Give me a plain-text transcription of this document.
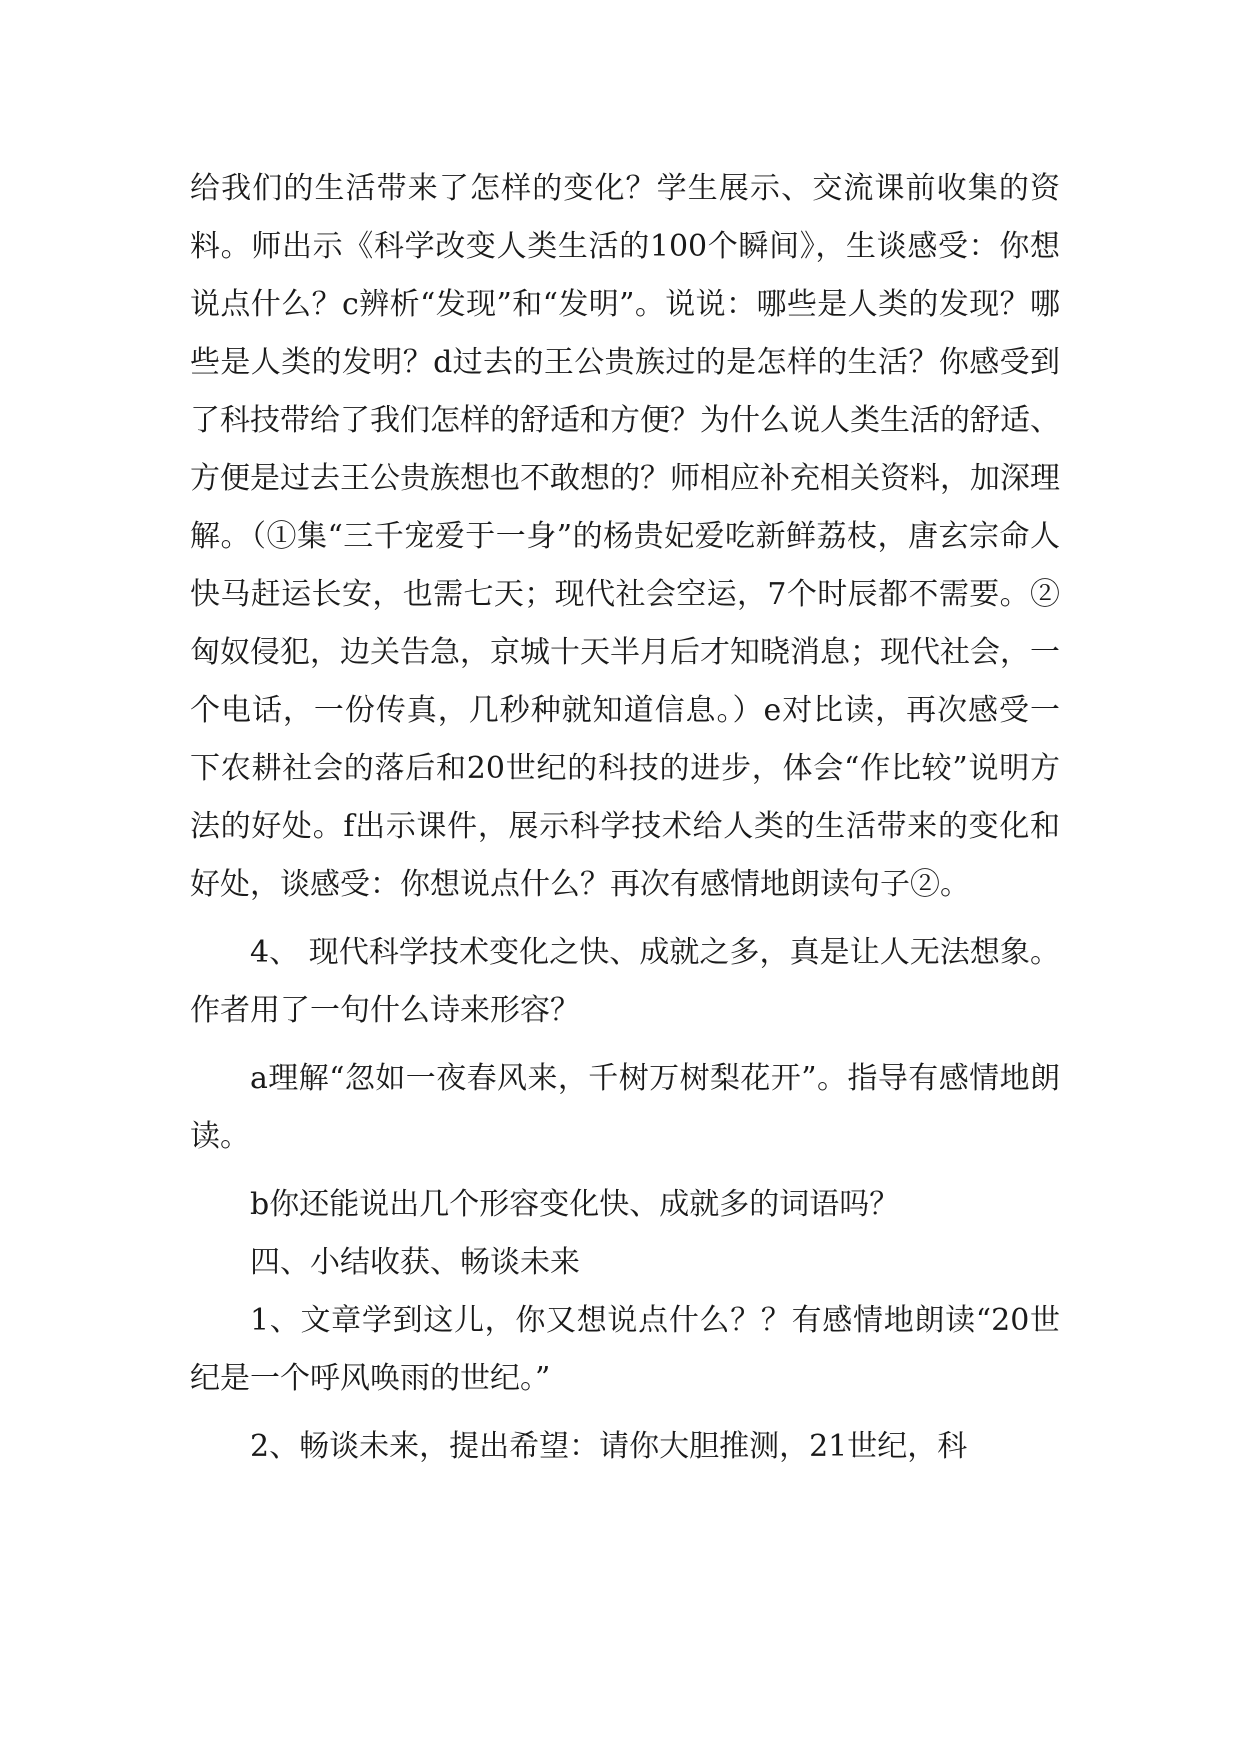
给我们的生活带来了怎样的变化？学生展示、交流课前收集的资料。师出示《科学改变人类生活的100个瞬间》，生谈感受：你想说点什么？c辨析“发现”和“发明”。说说：哪些是人类的发现？哪些是人类的发明？d过去的王公贵族过的是怎样的生活？你感受到了科技带给了我们怎样的舒适和方便？为什么说人类生活的舒适、方便是过去王公贵族想也不敢想的？师相应补充相关资料，加深理解。（①集“三千宠爱于一身”的杨贵妃爱吃新鲜荔枝，唐玄宗命人快马赶运长安，也需七天；现代社会空运，7个时辰都不需要。②匈奴侵犯，边关告急，京城十天半月后才知晓消息；现代社会，一个电话，一份传真，几秒种就知道信息。）e对比读，再次感受一下农耕社会的落后和20世纪的科技的进步，体会“作比较”说明方法的好处。f出示课件，展示科学技术给人类的生活带来的变化和好处，谈感受：你想说点什么？再次有感情地朗读句子②。

4、 现代科学技术变化之快、成就之多，真是让人无法想象。作者用了一句什么诗来形容？

a理解“忽如一夜春风来，千树万树梨花开”。指导有感情地朗读。

b你还能说出几个形容变化快、成就多的词语吗？

四、小结收获、畅谈未来

1、文章学到这儿，你又想说点什么？？有感情地朗读“20世纪是一个呼风唤雨的世纪。”

2、畅谈未来，提出希望：请你大胆推测，21世纪，科
